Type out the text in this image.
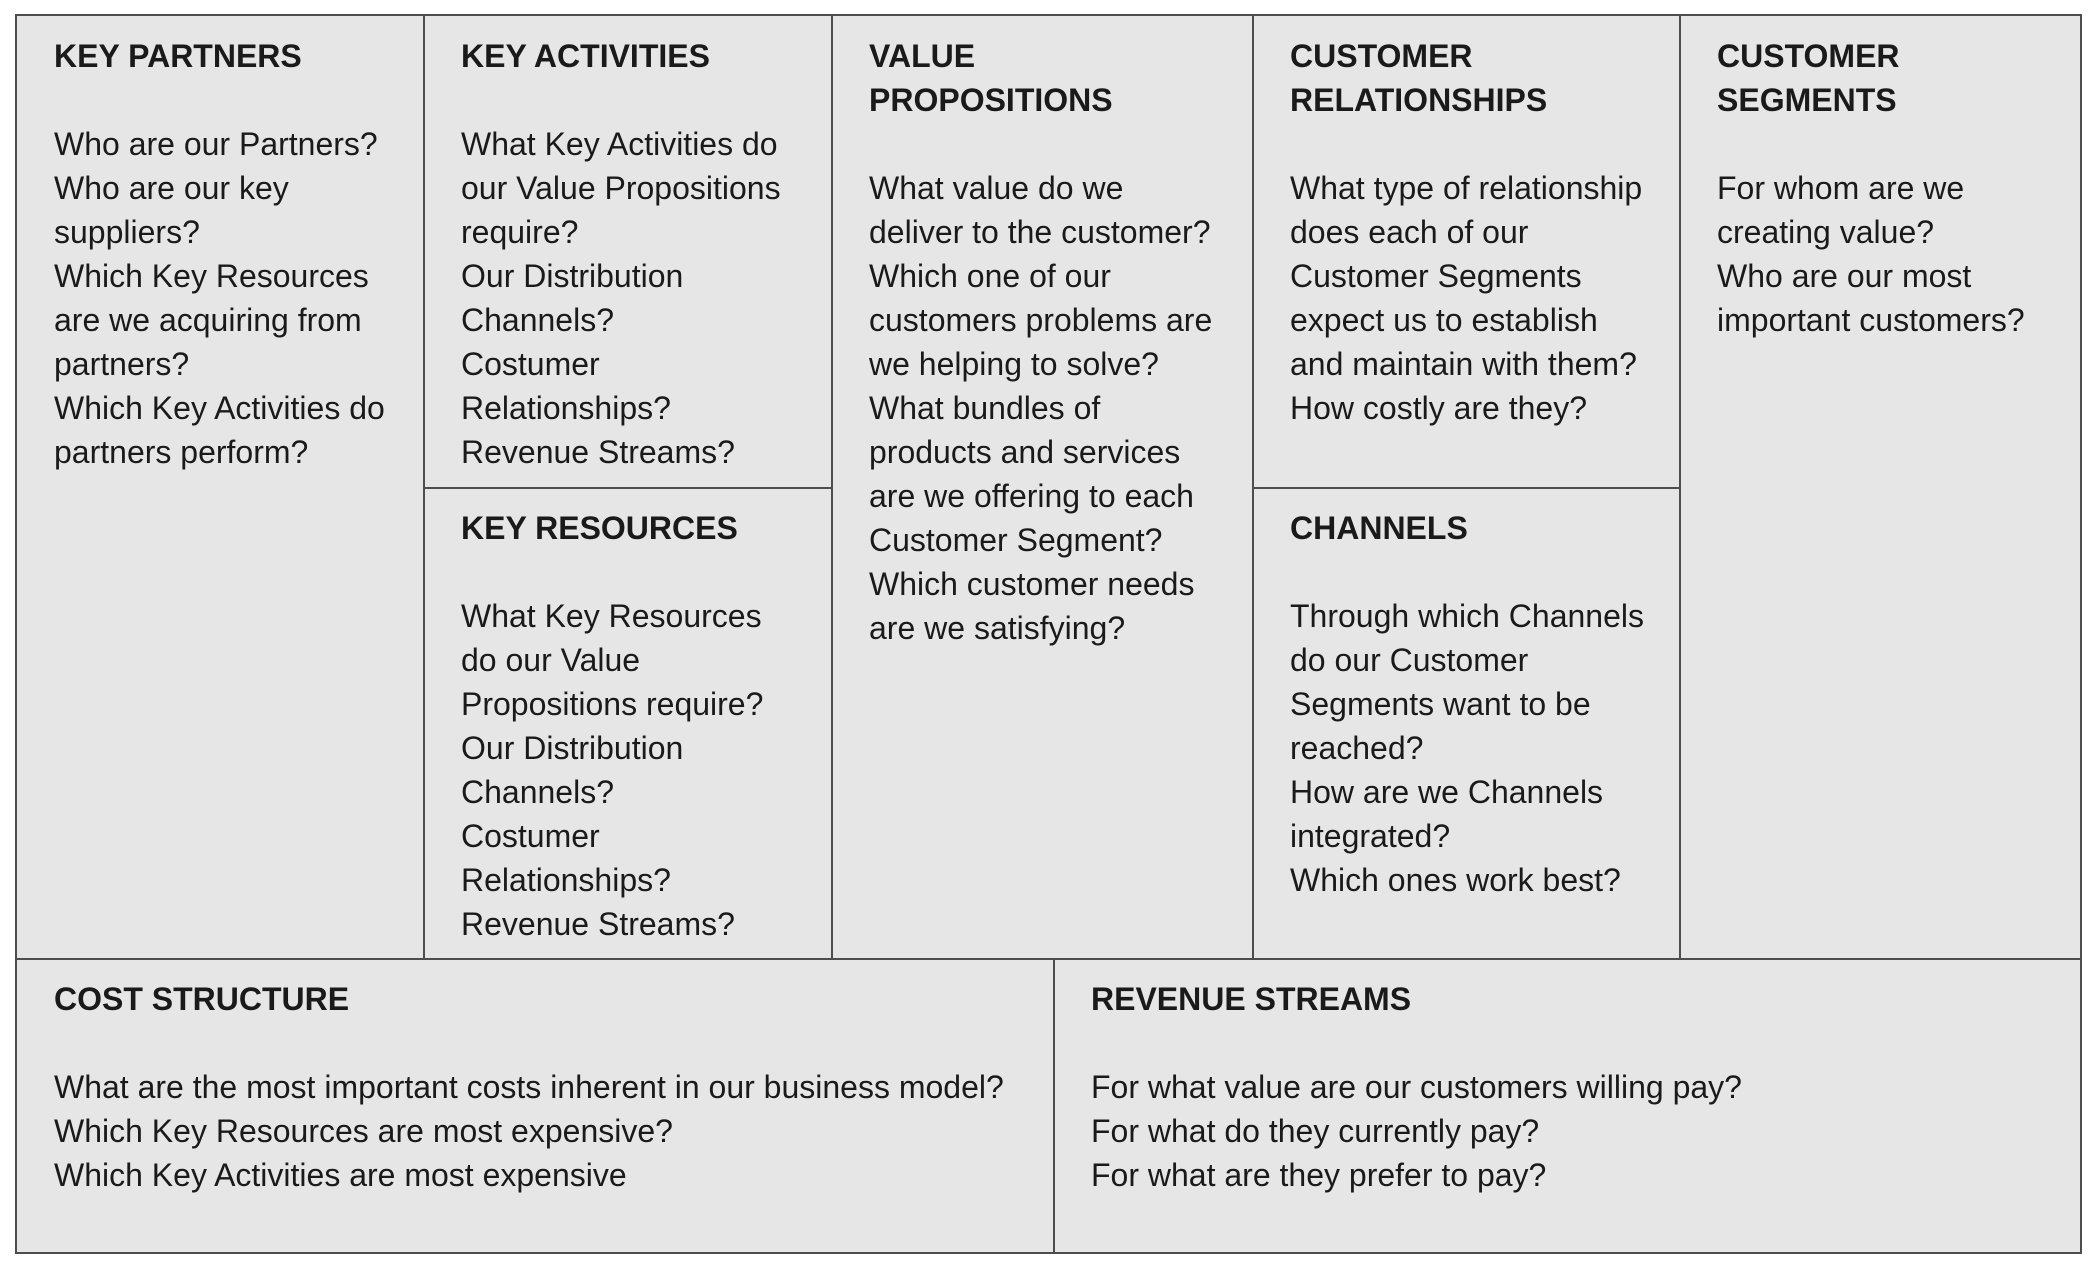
KEY PARTNERS
Who are our Partners?
Who are our key suppliers?
Which Key Resources are we acquiring from partners?
Which Key Activities do partners perform?
KEY ACTIVITIES
What Key Activities do our Value Propositions require?
Our Distribution Channels?
Costumer Relationships?
Revenue Streams?
KEY RESOURCES
What Key Resources do our Value Propositions require?
Our Distribution Channels?
Costumer Relationships?
Revenue Streams?
VALUE PROPOSITIONS
What value do we deliver to the customer?
Which one of our customers problems are we helping to solve?
What bundles of products and services are we offering to each Customer Segment?
Which customer needs are we satisfying?
CUSTOMER RELATIONSHIPS
What type of relationship does each of our Customer Segments expect us to establish and maintain with them?
How costly are they?
CHANNELS
Through which Channels do our Customer Segments want to be reached?
How are we Channels integrated?
Which ones work best?
CUSTOMER SEGMENTS
For whom are we creating value?
Who are our most important customers?
COST STRUCTURE
What are the most important costs inherent in our business model?
Which Key Resources are most expensive?
Which Key Activities are most expensive
REVENUE STREAMS
For what value are our customers willing pay?
For what do they currently pay?
For what are they prefer to pay?
